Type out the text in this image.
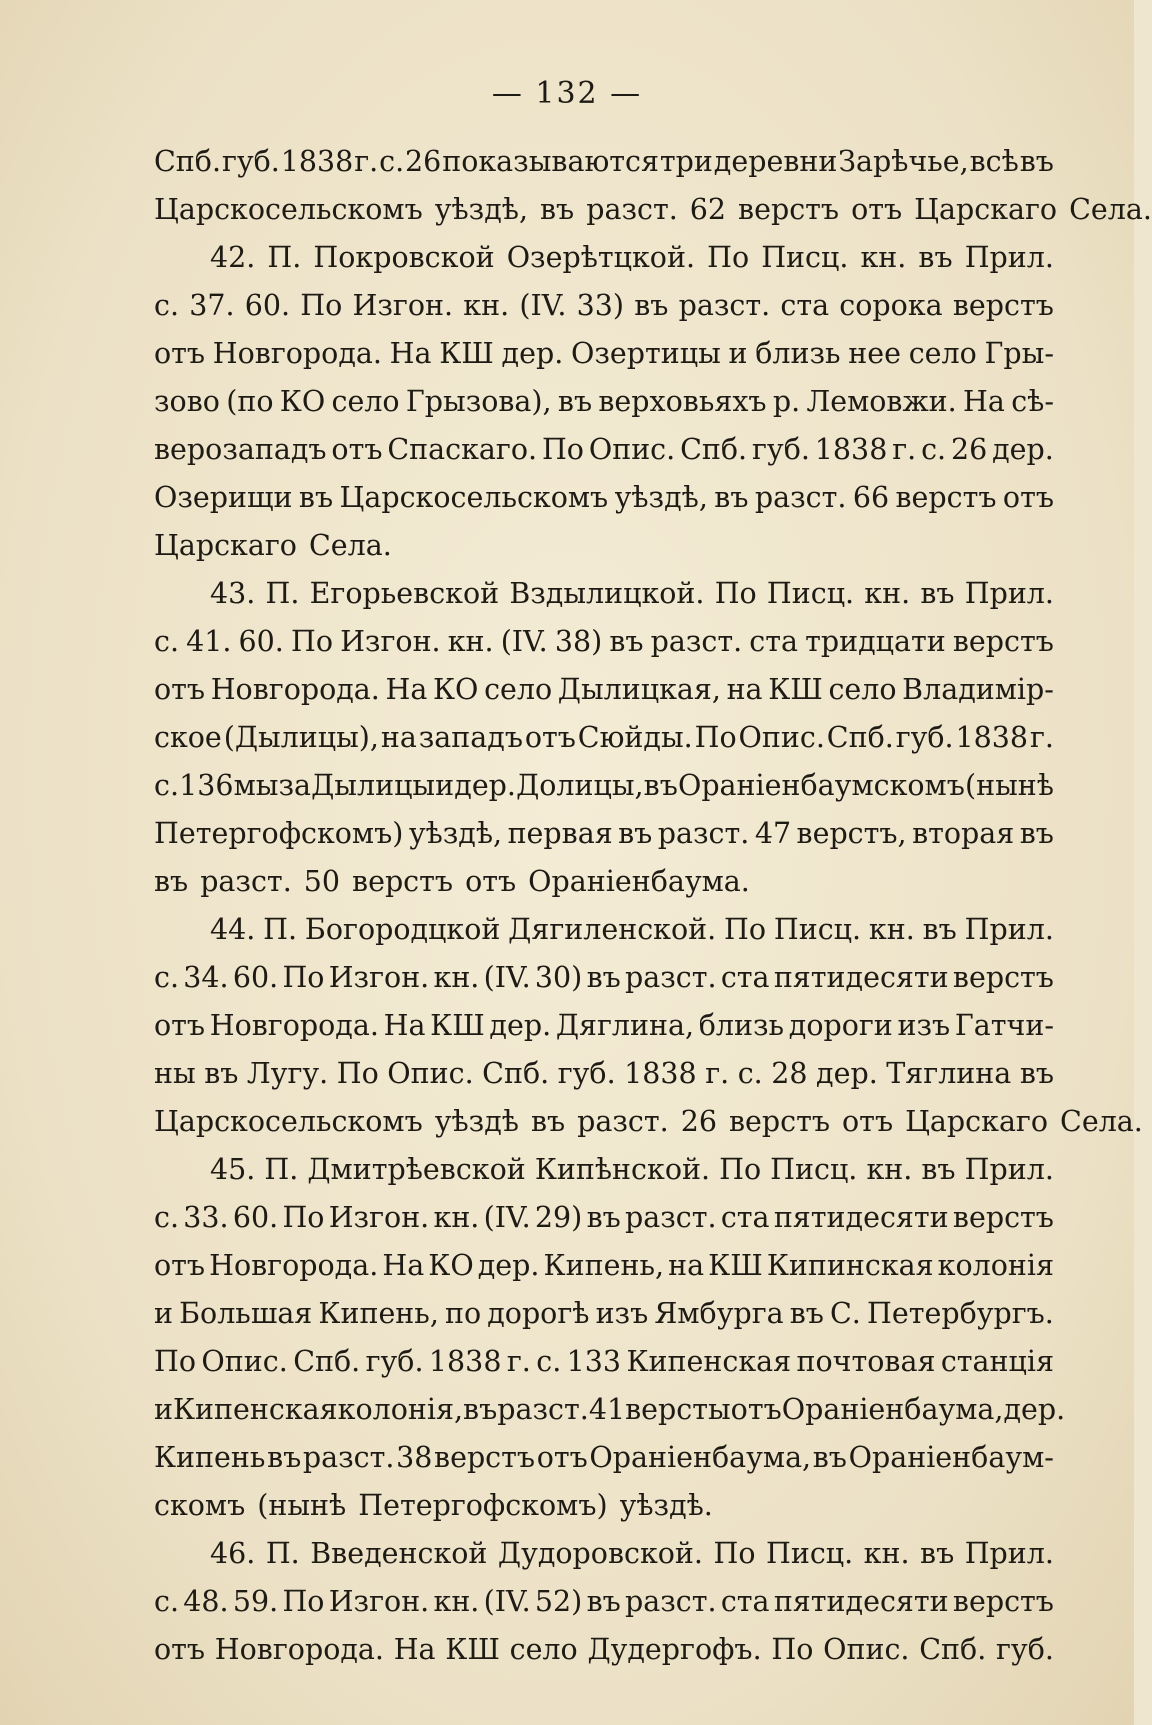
— 132 —
Спб. губ. 1838 г. с. 26 показываются три деревни Зарѣчье, всѣ въ
Царскосельскомъ уѣздѣ, въ разст. 62 верстъ отъ Царскаго Села.
42. П. Покровской Озерѣтцкой. По Писц. кн. въ Прил.
с. 37. 60. По Изгон. кн. (IV. 33) въ разст. ста сорока верстъ
отъ Новгорода. На КШ дер. Озертицы и близь нее село Гры-
зово (по КО село Грызова), въ верховьяхъ р. Лемовжи. На сѣ-
верозападъ отъ Спаскаго. По Опис. Спб. губ. 1838 г. с. 26 дер.
Озерищи въ Царскосельскомъ уѣздѣ, въ разст. 66 верстъ отъ
Царскаго Села.
43. П. Егорьевской Вздылицкой. По Писц. кн. въ Прил.
с. 41. 60. По Изгон. кн. (IV. 38) въ разст. ста тридцати верстъ
отъ Новгорода. На КО село Дылицкая, на КШ село Владимір-
ское (Дылицы), на западъ отъ Сюйды. По Опис. Спб. губ. 1838 г.
с. 136 мыза Дылицы и дер. Долицы, въ Ораніенбаумскомъ (нынѣ
Петергофскомъ) уѣздѣ, первая въ разст. 47 верстъ, вторая въ
въ разст. 50 верстъ отъ Ораніенбаума.
44. П. Богородцкой Дягиленской. По Писц. кн. въ Прил.
с. 34. 60. По Изгон. кн. (IV. 30) въ разст. ста пятидесяти верстъ
отъ Новгорода. На КШ дер. Дяглина, близь дороги изъ Гатчи-
ны въ Лугу. По Опис. Спб. губ. 1838 г. с. 28 дер. Тяглина въ
Царскосельскомъ уѣздѣ въ разст. 26 верстъ отъ Царскаго Села.
45. П. Дмитрѣевской Кипѣнской. По Писц. кн. въ Прил.
с. 33. 60. По Изгон. кн. (IV. 29) въ разст. ста пятидесяти верстъ
отъ Новгорода. На КО дер. Кипень, на КШ Кипинская колонія
и Большая Кипень, по дорогѣ изъ Ямбурга въ С. Петербургъ.
По Опис. Спб. губ. 1838 г. с. 133 Кипенская почтовая станція
и Кипенская колонія, въ разст. 41 версты отъ Ораніенбаума, дер.
Кипень въ разст. 38 верстъ отъ Ораніенбаума, въ Ораніенбаум-
скомъ (нынѣ Петергофскомъ) уѣздѣ.
46. П. Введенской Дудоровской. По Писц. кн. въ Прил.
с. 48. 59. По Изгон. кн. (IV. 52) въ разст. ста пятидесяти верстъ
отъ Новгорода. На КШ село Дудергофъ. По Опис. Спб. губ.
